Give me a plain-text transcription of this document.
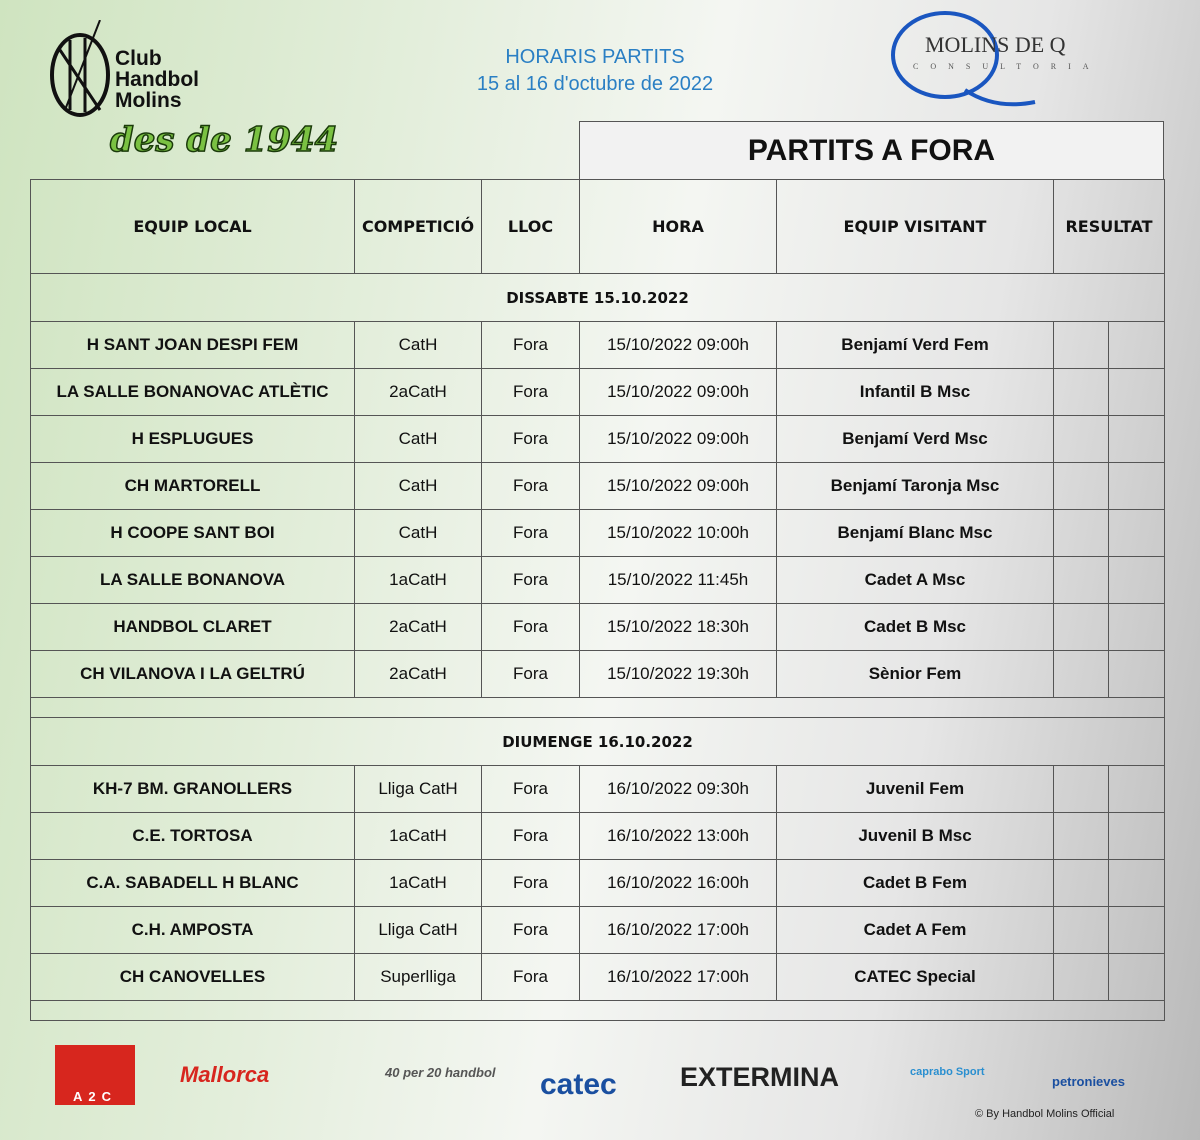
Club
Handbol
Molins
des de 1944
HORARIS PARTITS
15 al 16 d'octubre de 2022
MOLINS DE Q
CONSULTORIA
PARTITS A FORA
EQUIP LOCAL	COMPETICIÓ	LLOC	HORA	EQUIP VISITANT	RESULTAT	
DISSABTE 15.10.2022						
H SANT JOAN DESPI FEM	CatH	Fora	15/10/2022 09:00h	Benjamí Verd Fem		
LA SALLE BONANOVAC ATLÈTIC	2aCatH	Fora	15/10/2022 09:00h	Infantil B Msc		
H ESPLUGUES	CatH	Fora	15/10/2022 09:00h	Benjamí Verd Msc		
CH MARTORELL	CatH	Fora	15/10/2022 09:00h	Benjamí Taronja Msc		
H COOPE SANT BOI	CatH	Fora	15/10/2022 10:00h	Benjamí Blanc Msc		
LA SALLE BONANOVA	1aCatH	Fora	15/10/2022 11:45h	Cadet A Msc		
HANDBOL CLARET	2aCatH	Fora	15/10/2022 18:30h	Cadet B Msc		
CH VILANOVA I LA GELTRÚ	2aCatH	Fora	15/10/2022 19:30h	Sènior Fem		

DIUMENGE 16.10.2022						
KH-7 BM. GRANOLLERS	Lliga CatH	Fora	16/10/2022 09:30h	Juvenil Fem		
C.E. TORTOSA	1aCatH	Fora	16/10/2022 13:00h	Juvenil B Msc		
C.A. SABADELL H BLANC	1aCatH	Fora	16/10/2022 16:00h	Cadet B Fem		
C.H. AMPOSTA	Lliga CatH	Fora	16/10/2022 17:00h	Cadet A Fem		
CH CANOVELLES	Superlliga	Fora	16/10/2022 17:00h	CATEC Special		

A2C
Mallorca	40 per 20 handbol catec EXTERMINA	caprabo Sport
petronieves
© By Handbol Molins Official
